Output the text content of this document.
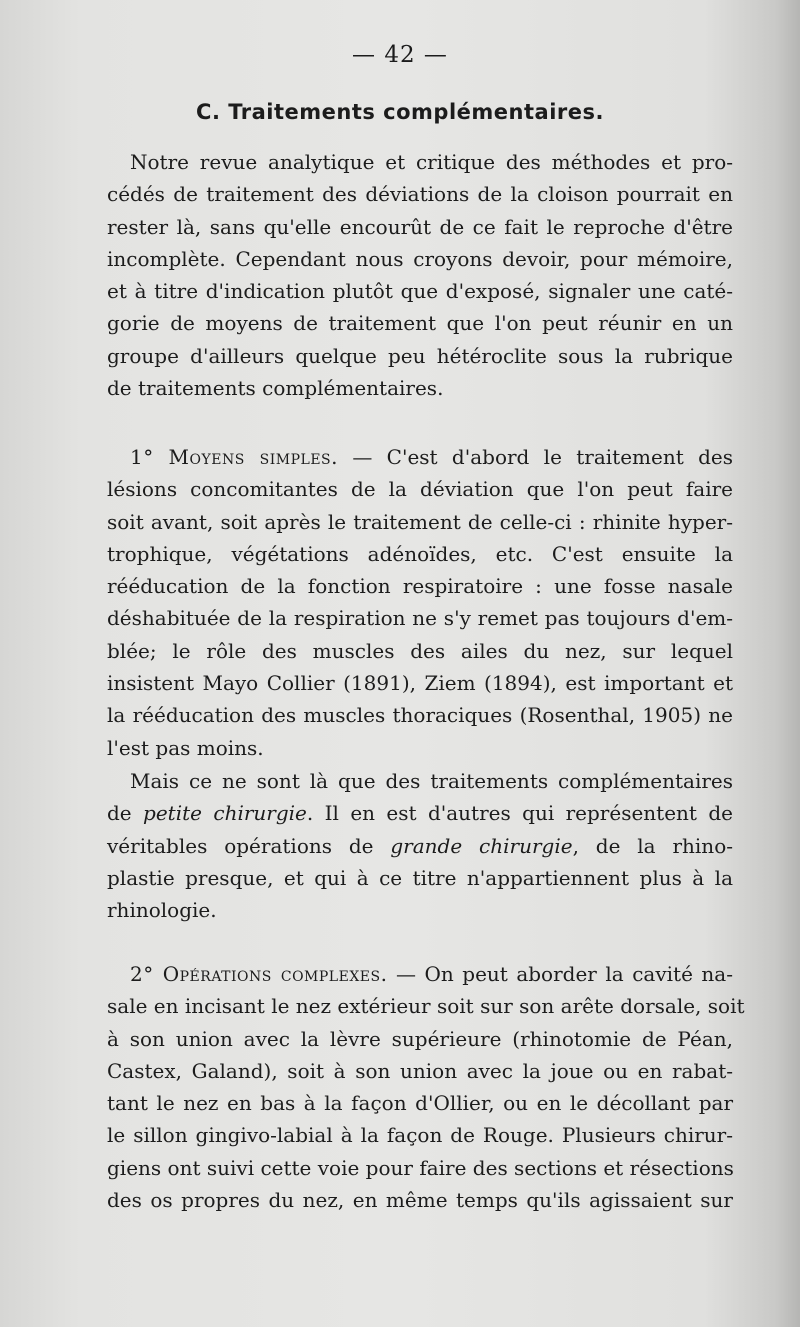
— 42 —
C. Traitements complémentaires.
Notre revue analytique et critique des méthodes et pro-
cédés de traitement des déviations de la cloison pourrait en
rester là, sans qu'elle encourût de ce fait le reproche d'être
incomplète. Cependant nous croyons devoir, pour mémoire,
et à titre d'indication plutôt que d'exposé, signaler une caté-
gorie de moyens de traitement que l'on peut réunir en un
groupe d'ailleurs quelque peu hétéroclite sous la rubrique
de traitements complémentaires.
1° Moyens simples. — C'est d'abord le traitement des
lésions concomitantes de la déviation que l'on peut faire
soit avant, soit après le traitement de celle-ci : rhinite hyper-
trophique, végétations adénoïdes, etc. C'est ensuite la
rééducation de la fonction respiratoire : une fosse nasale
déshabituée de la respiration ne s'y remet pas toujours d'em-
blée; le rôle des muscles des ailes du nez, sur lequel
insistent Mayo Collier (1891), Ziem (1894), est important et
la rééducation des muscles thoraciques (Rosenthal, 1905) ne
l'est pas moins.
Mais ce ne sont là que des traitements complémentaires
de petite chirurgie. Il en est d'autres qui représentent de
véritables opérations de grande chirurgie, de la rhino-
plastie presque, et qui à ce titre n'appartiennent plus à la
rhinologie.
2° Opérations complexes. — On peut aborder la cavité na-
sale en incisant le nez extérieur soit sur son arête dorsale, soit
à son union avec la lèvre supérieure (rhinotomie de Péan,
Castex, Galand), soit à son union avec la joue ou en rabat-
tant le nez en bas à la façon d'Ollier, ou en le décollant par
le sillon gingivo-labial à la façon de Rouge. Plusieurs chirur-
giens ont suivi cette voie pour faire des sections et résections
des os propres du nez, en même temps qu'ils agissaient sur
